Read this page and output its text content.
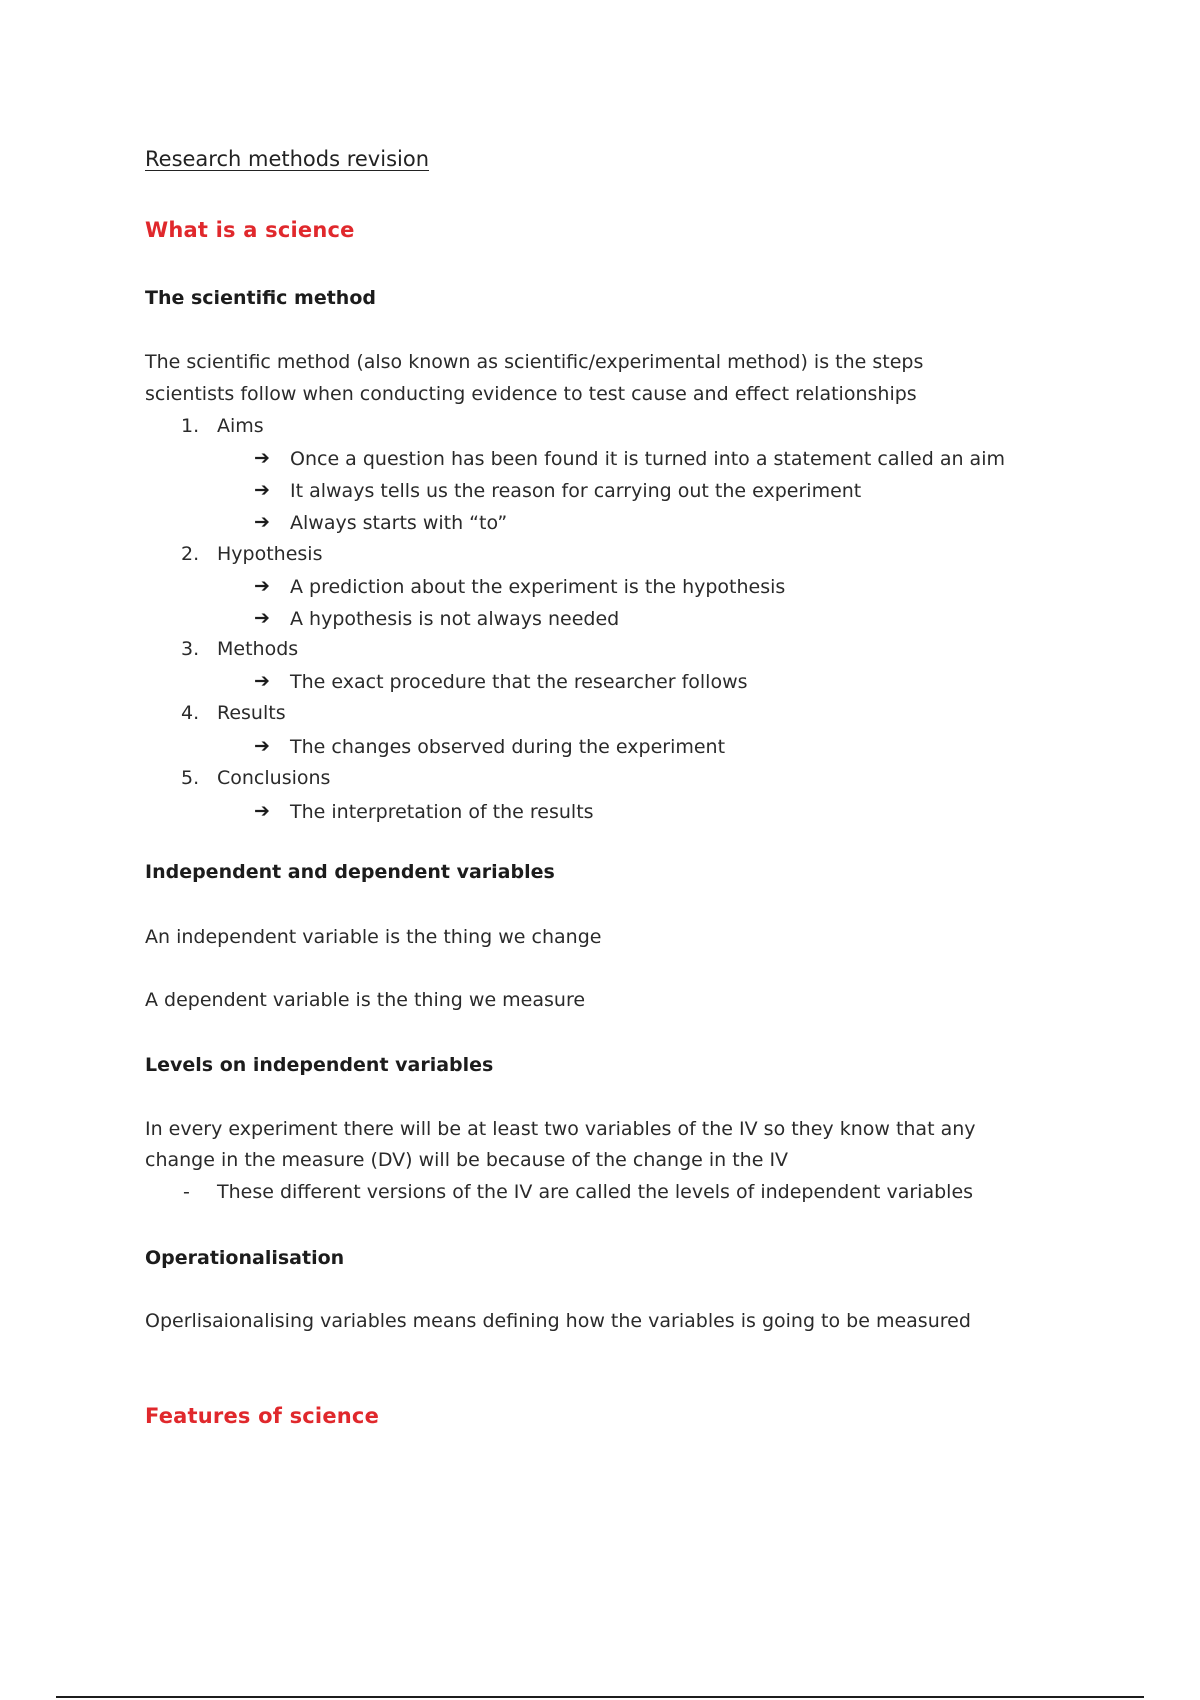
Research methods revision
What is a science
The scientific method
The scientific method (also known as scientific/experimental method) is the steps
scientists follow when conducting evidence to test cause and effect relationships
1. Aims
➔ Once a question has been found it is turned into a statement called an aim
➔ It always tells us the reason for carrying out the experiment
➔ Always starts with “to”
2. Hypothesis
➔ A prediction about the experiment is the hypothesis
➔ A hypothesis is not always needed
3. Methods
➔ The exact procedure that the researcher follows
4. Results
➔ The changes observed during the experiment
5. Conclusions
➔ The interpretation of the results
Independent and dependent variables
An independent variable is the thing we change
A dependent variable is the thing we measure
Levels on independent variables
In every experiment there will be at least two variables of the IV so they know that any
change in the measure (DV) will be because of the change in the IV
- These different versions of the IV are called the levels of independent variables
Operationalisation
Operlisaionalising variables means defining how the variables is going to be measured
Features of science
